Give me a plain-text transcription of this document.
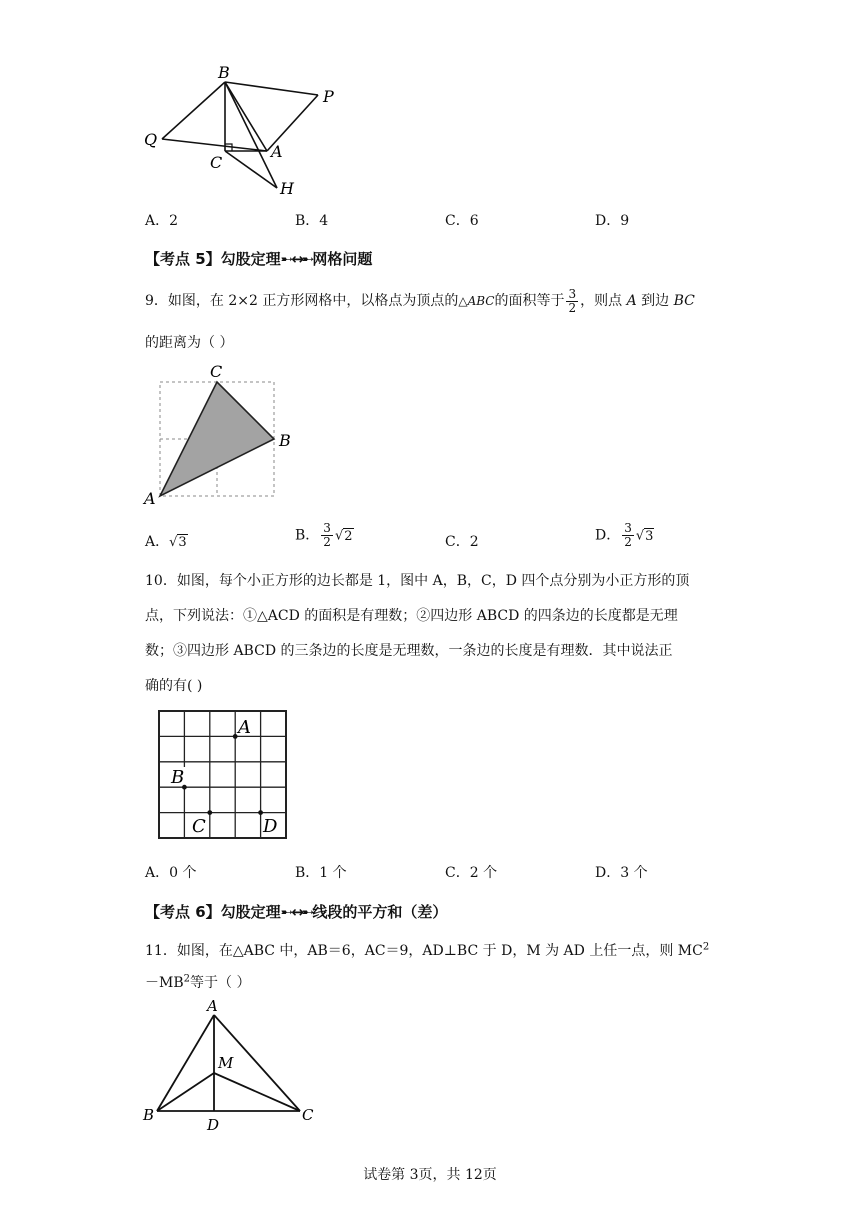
B
P
Q
C
A
H
A．2	B．4	C．6	D．9
【考点 5】勾股定理➸↔➸网格问题
9．如图，在 2×2 正方形网格中，以格点为顶点的△ABC的面积等于 $\frac{3}{2}$ ，则点 A 到边 BC
的距离为（ ）
C
B
A
A．√3	B． $\frac{3}{2} √2$	C．2	D． $\frac{3}{2} √3$
10．如图，每个小正方形的边长都是 1，图中 A，B，C，D 四个点分别为小正方形的顶
点，下列说法：①△ACD 的面积是有理数；②四边形 ABCD 的四条边的长度都是无理
数；③四边形 ABCD 的三条边的长度是无理数，一条边的长度是有理数．其中说法正
确的有( )
A
B
C	D
A．0 个	B．1 个	C．2 个	D．3 个
【考点 6】勾股定理➸↔➸线段的平方和（差）
11．如图，在△ABC 中，AB＝6，AC＝9，AD⊥BC 于 D，M 为 AD 上任一点，则 $MC^2$
$-MB^2$等于（ ）
A
M
B
D
C
试卷第 3页，共 12页
